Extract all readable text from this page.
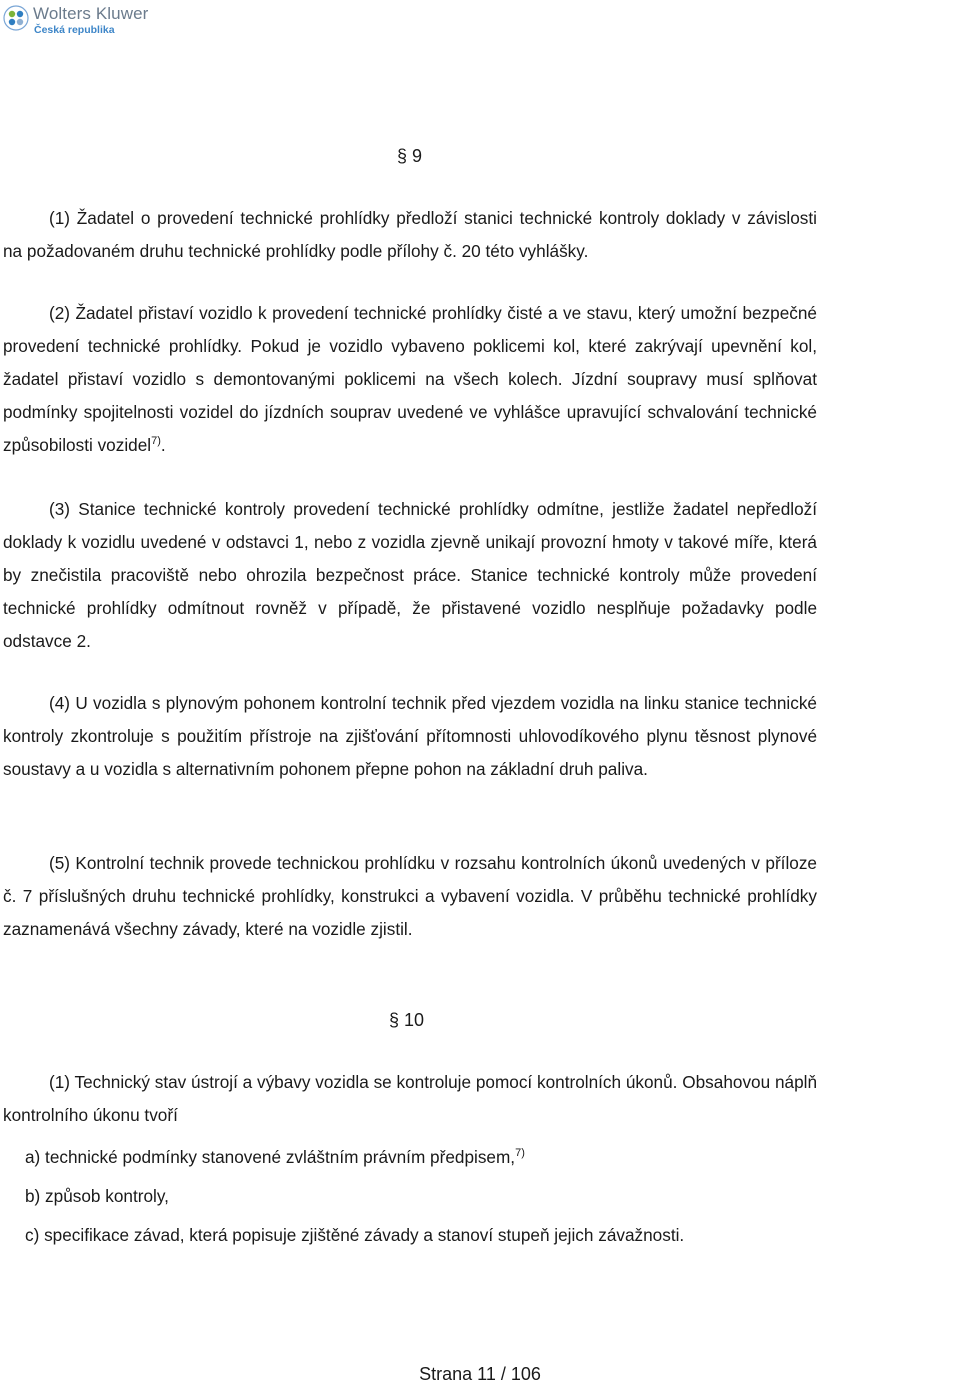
Wolters Kluwer
Česká republika
§ 9

(1) Žadatel o provedení technické prohlídky předloží stanici technické kontroly doklady v závislosti na požadovaném druhu technické prohlídky podle přílohy č. 20 této vyhlášky.

(2) Žadatel přistaví vozidlo k provedení technické prohlídky čisté a ve stavu, který umožní bezpečné provedení technické prohlídky. Pokud je vozidlo vybaveno poklicemi kol, které zakrývají upevnění kol, žadatel přistaví vozidlo s demontovanými poklicemi na všech kolech. Jízdní soupravy musí splňovat podmínky spojitelnosti vozidel do jízdních souprav uvedené ve vyhlášce upravující schvalování technické způsobilosti vozidel$^{7)}$.

(3) Stanice technické kontroly provedení technické prohlídky odmítne, jestliže žadatel nepředloží doklady k vozidlu uvedené v odstavci 1, nebo z vozidla zjevně unikají provozní hmoty v takové míře, která by znečistila pracoviště nebo ohrozila bezpečnost práce. Stanice technické kontroly může provedení technické prohlídky odmítnout rovněž v případě, že přistavené vozidlo nesplňuje požadavky podle odstavce 2.

(4) U vozidla s plynovým pohonem kontrolní technik před vjezdem vozidla na linku stanice technické kontroly zkontroluje s použitím přístroje na zjišťování přítomnosti uhlovodíkového plynu těsnost plynové soustavy a u vozidla s alternativním pohonem přepne pohon na základní druh paliva.

(5) Kontrolní technik provede technickou prohlídku v rozsahu kontrolních úkonů uvedených v příloze č. 7 příslušných druhu technické prohlídky, konstrukci a vybavení vozidla. V průběhu technické prohlídky zaznamenává všechny závady, které na vozidle zjistil.

§ 10

(1) Technický stav ústrojí a výbavy vozidla se kontroluje pomocí kontrolních úkonů. Obsahovou náplň kontrolního úkonu tvoří

a) technické podmínky stanovené zvláštním právním předpisem,$^{7)}$

b) způsob kontroly,

c) specifikace závad, která popisuje zjištěné závady a stanoví stupeň jejich závažnosti.

Strana 11 / 106
